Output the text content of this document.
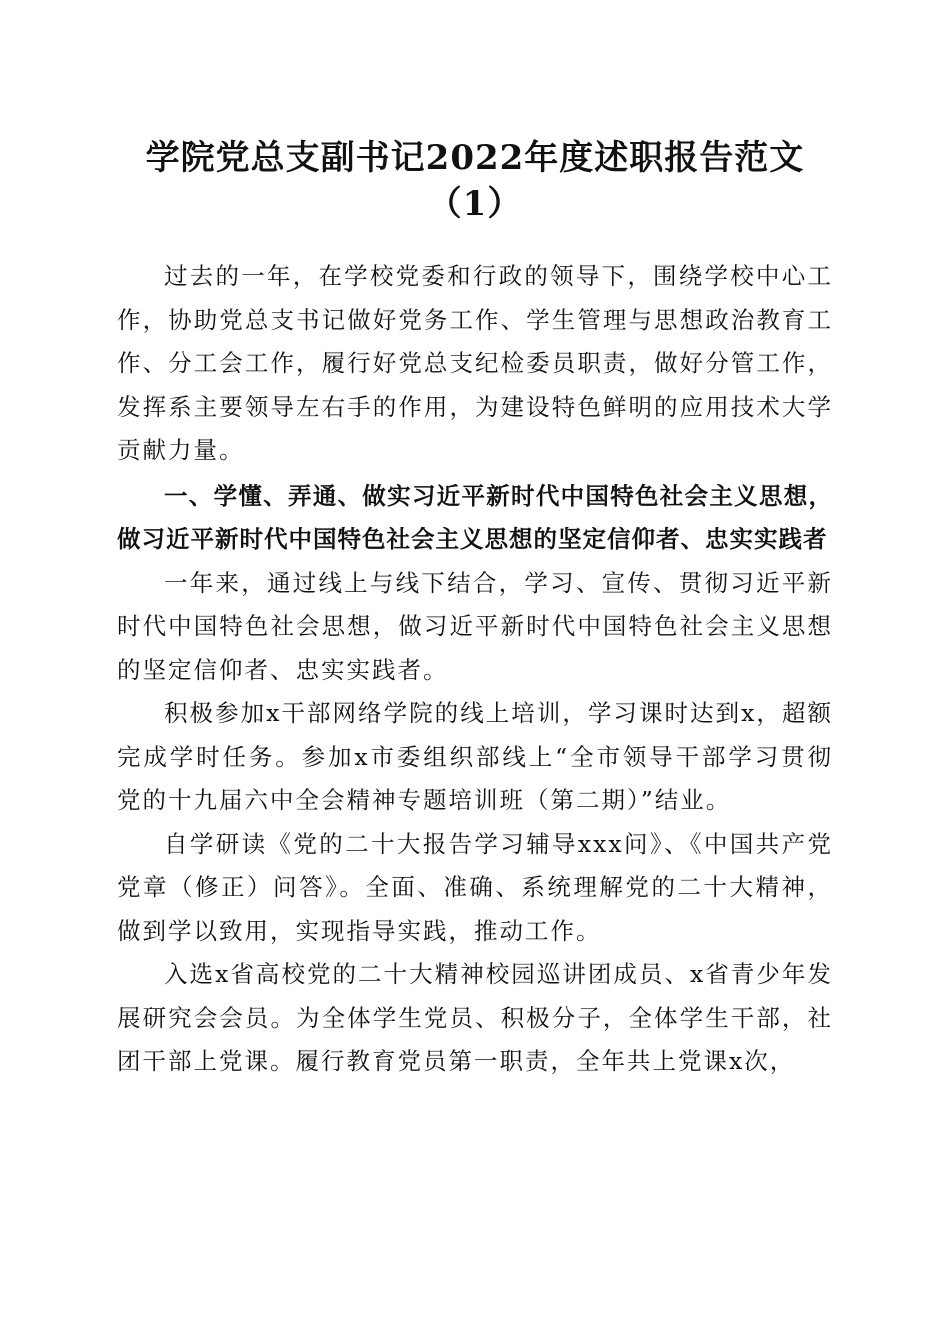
学院党总支副书记2022年度述职报告范文
（1）

过去的一年，在学校党委和行政的领导下，围绕学校中心工作，协助党总支书记做好党务工作、学生管理与思想政治教育工作、分工会工作，履行好党总支纪检委员职责，做好分管工作，发挥系主要领导左右手的作用，为建设特色鲜明的应用技术大学贡献力量。

一、学懂、弄通、做实习近平新时代中国特色社会主义思想，做习近平新时代中国特色社会主义思想的坚定信仰者、忠实实践者

一年来，通过线上与线下结合，学习、宣传、贯彻习近平新时代中国特色社会思想，做习近平新时代中国特色社会主义思想的坚定信仰者、忠实实践者。

积极参加x干部网络学院的线上培训，学习课时达到x，超额完成学时任务。参加x市委组织部线上“全市领导干部学习贯彻党的十九届六中全会精神专题培训班（第二期）”结业。

自学研读《党的二十大报告学习辅导xxx问》、《中国共产党党章（修正）问答》。全面、准确、系统理解党的二十大精神，做到学以致用，实现指导实践，推动工作。

入选x省高校党的二十大精神校园巡讲团成员、x省青少年发展研究会会员。为全体学生党员、积极分子，全体学生干部，社团干部上党课。履行教育党员第一职责，全年共上党课x次，
